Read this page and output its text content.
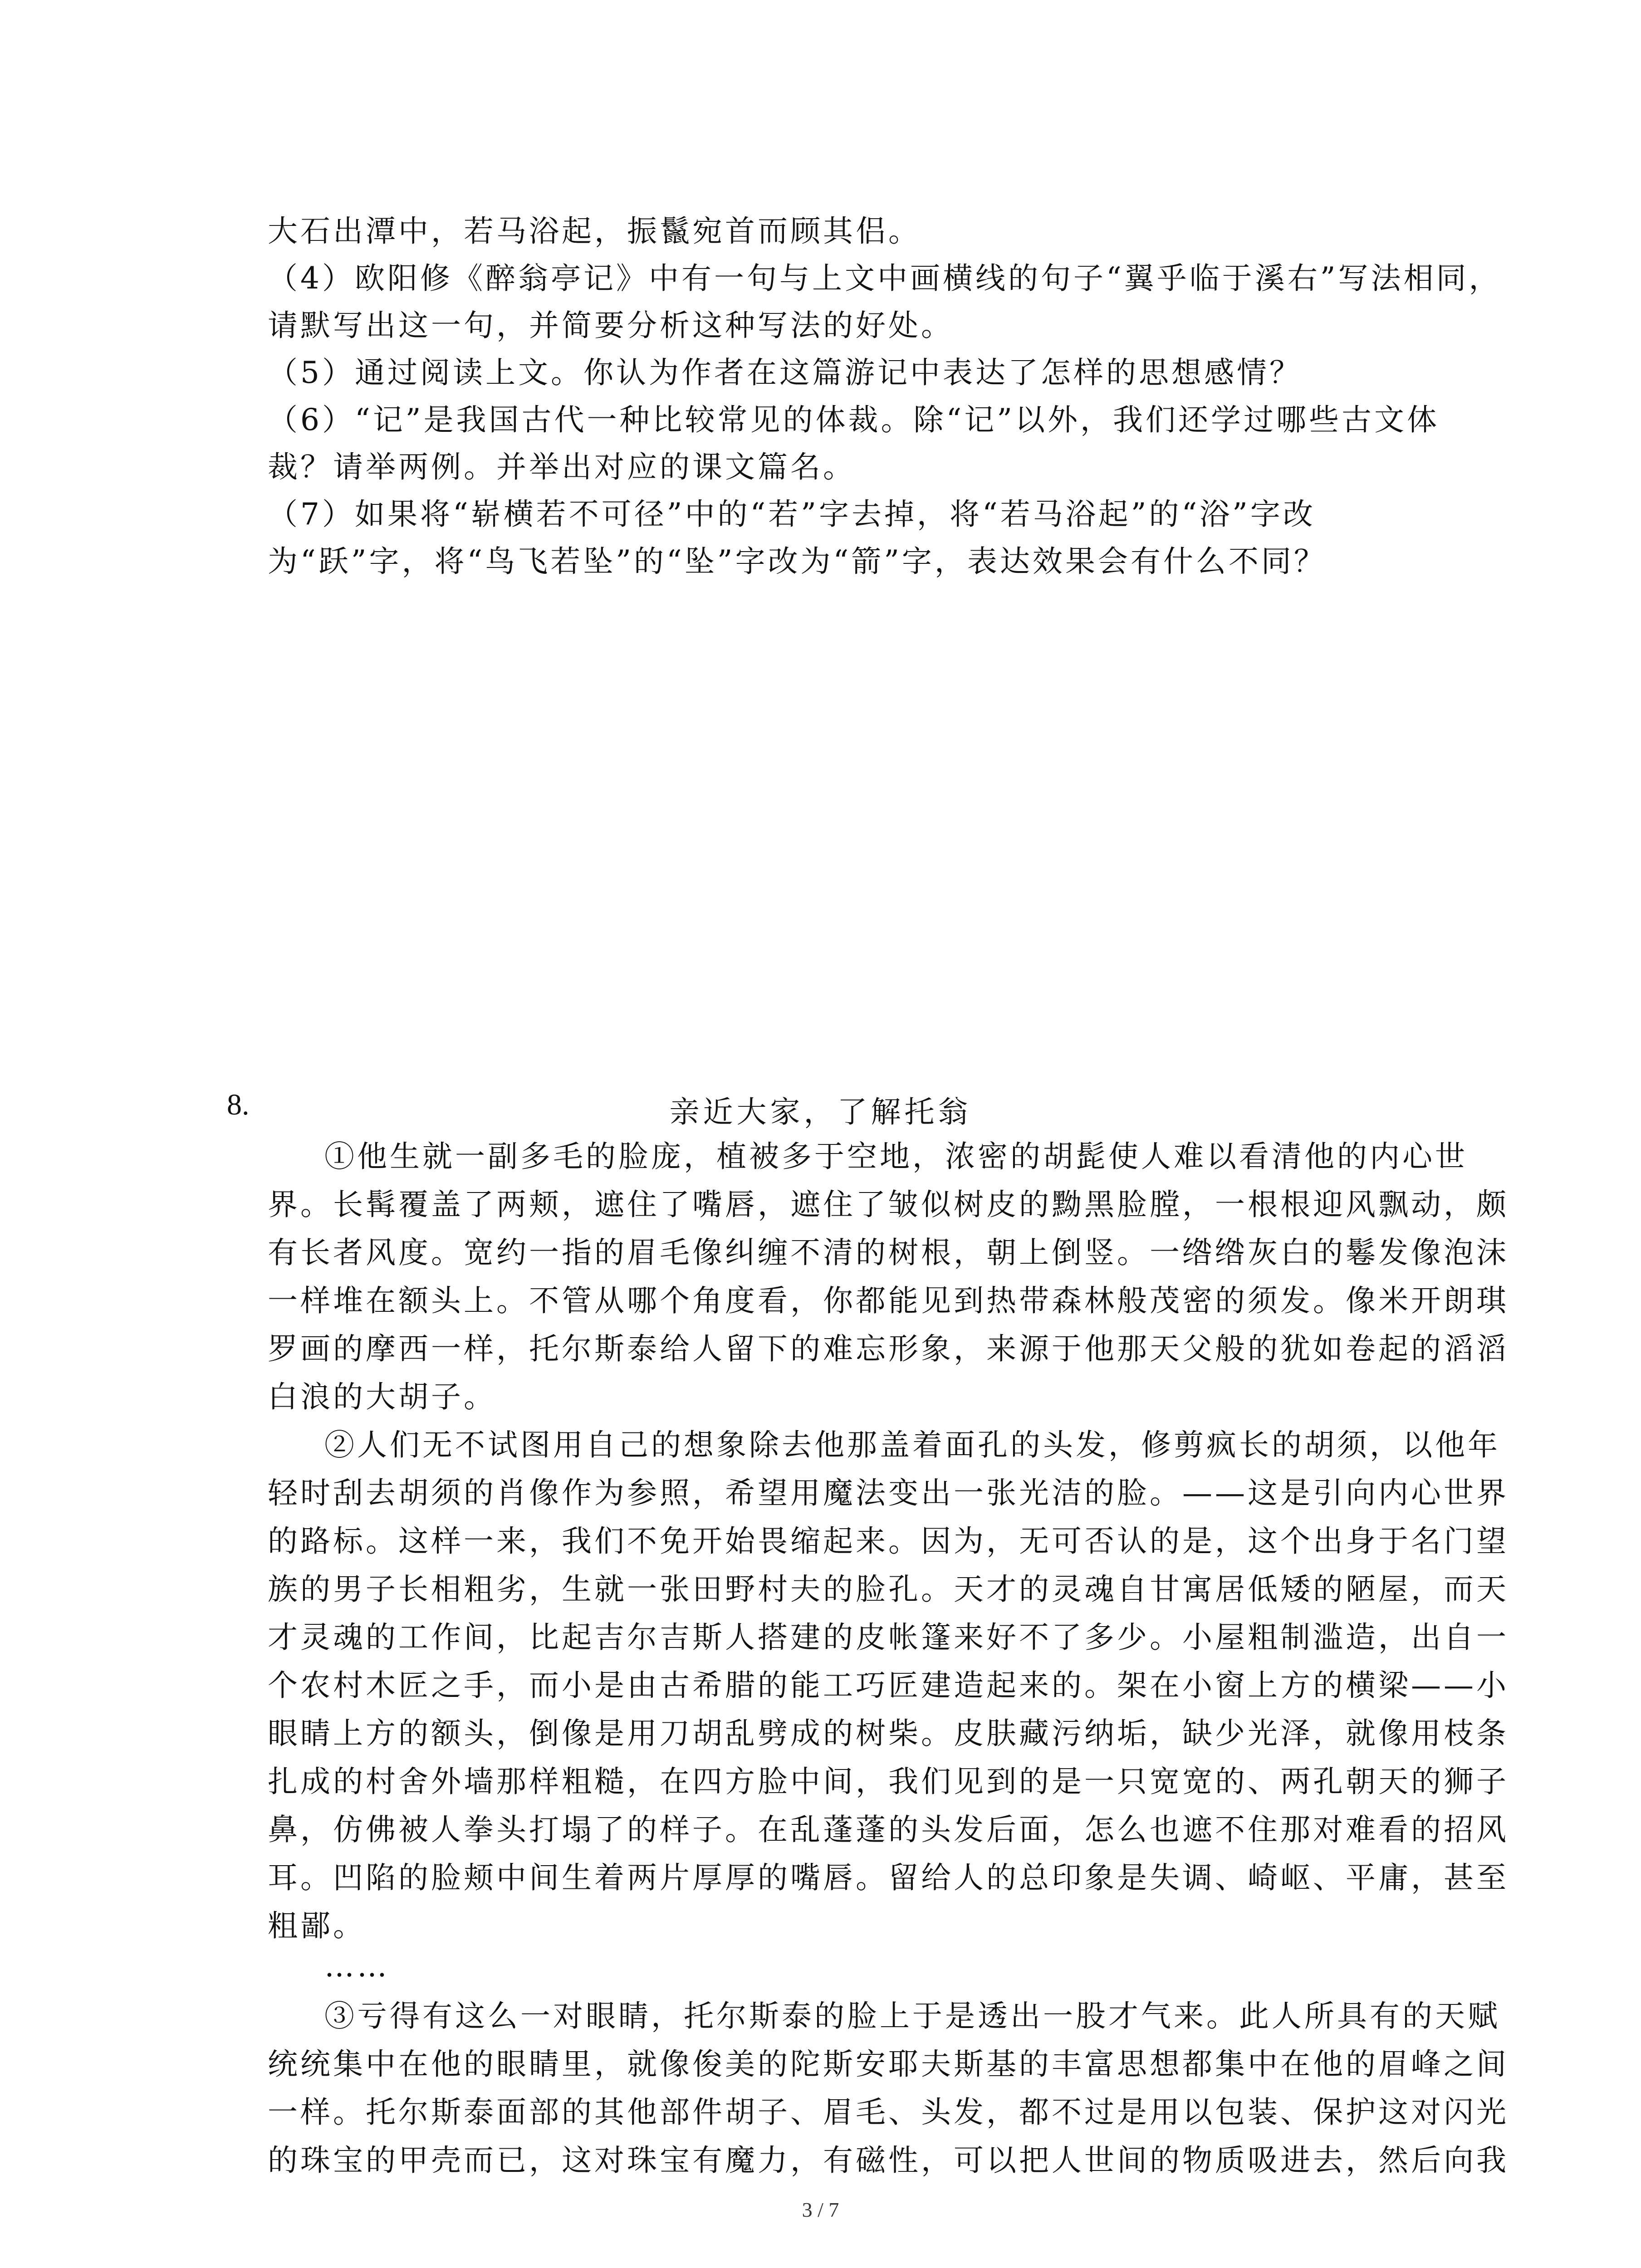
大石出潭中，若马浴起，振鬣宛首而顾其侣。
（4）欧阳修《醉翁亭记》中有一句与上文中画横线的句子“翼乎临于溪右”写法相同，
请默写出这一句，并简要分析这种写法的好处。
（5）通过阅读上文。你认为作者在这篇游记中表达了怎样的思想感情？
（6）“记”是我国古代一种比较常见的体裁。除“记”以外，我们还学过哪些古文体
裁？请举两例。并举出对应的课文篇名。
（7）如果将“崭横若不可径”中的“若”字去掉，将“若马浴起”的“浴”字改
为“跃”字，将“鸟飞若坠”的“坠”字改为“箭”字，表达效果会有什么不同？
8.	亲近大家，了解托翁
①他生就一副多毛的脸庞，植被多于空地，浓密的胡髭使人难以看清他的内心世
界。长髯覆盖了两颊，遮住了嘴唇，遮住了皱似树皮的黝黑脸膛，一根根迎风飘动，颇
有长者风度。宽约一指的眉毛像纠缠不清的树根，朝上倒竖。一绺绺灰白的鬈发像泡沫
一样堆在额头上。不管从哪个角度看，你都能见到热带森林般茂密的须发。像米开朗琪
罗画的摩西一样，托尔斯泰给人留下的难忘形象，来源于他那天父般的犹如卷起的滔滔
白浪的大胡子。
②人们无不试图用自己的想象除去他那盖着面孔的头发，修剪疯长的胡须，以他年
轻时刮去胡须的肖像作为参照，希望用魔法变出一张光洁的脸。——这是引向内心世界
的路标。这样一来，我们不免开始畏缩起来。因为，无可否认的是，这个出身于名门望
族的男子长相粗劣，生就一张田野村夫的脸孔。天才的灵魂自甘寓居低矮的陋屋，而天
才灵魂的工作间，比起吉尔吉斯人搭建的皮帐篷来好不了多少。小屋粗制滥造，出自一
个农村木匠之手，而小是由古希腊的能工巧匠建造起来的。架在小窗上方的横梁——小
眼睛上方的额头，倒像是用刀胡乱劈成的树柴。皮肤藏污纳垢，缺少光泽，就像用枝条
扎成的村舍外墙那样粗糙，在四方脸中间，我们见到的是一只宽宽的、两孔朝天的狮子
鼻，仿佛被人拳头打塌了的样子。在乱蓬蓬的头发后面，怎么也遮不住那对难看的招风
耳。凹陷的脸颊中间生着两片厚厚的嘴唇。留给人的总印象是失调、崎岖、平庸，甚至
粗鄙。
……
③亏得有这么一对眼睛，托尔斯泰的脸上于是透出一股才气来。此人所具有的天赋
统统集中在他的眼睛里，就像俊美的陀斯安耶夫斯基的丰富思想都集中在他的眉峰之间
一样。托尔斯泰面部的其他部件胡子、眉毛、头发，都不过是用以包装、保护这对闪光
的珠宝的甲壳而已，这对珠宝有魔力，有磁性，可以把人世间的物质吸进去，然后向我
3 / 7
